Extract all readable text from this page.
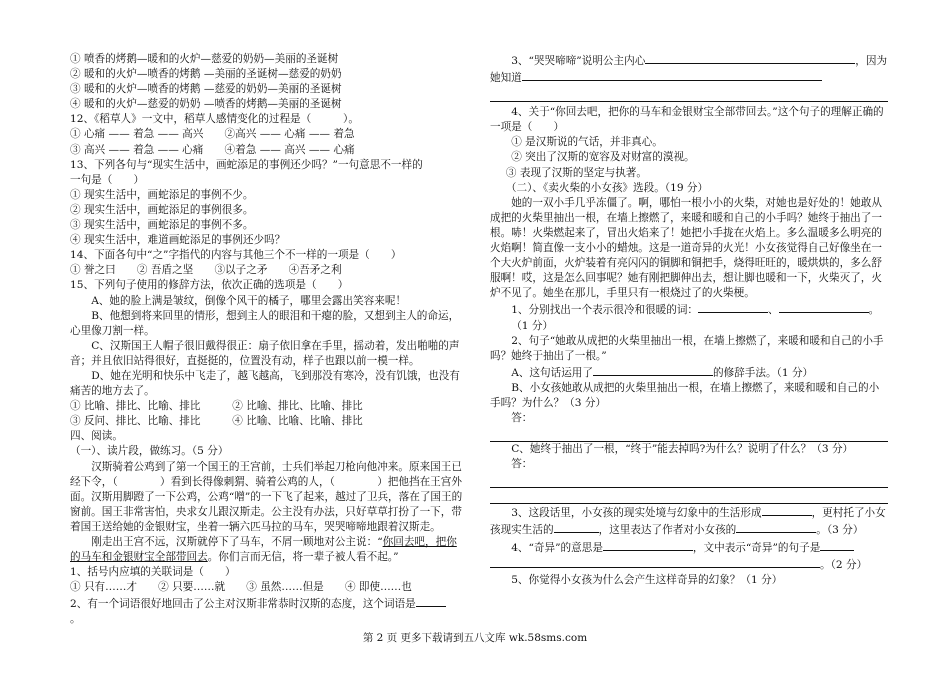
① 喷香的烤鹅—暖和的火炉—慈爱的奶奶—美丽的圣诞树
② 暖和的火炉—喷香的烤鹅 —美丽的圣诞树—慈爱的奶奶
③ 暖和的火炉—喷香的烤鹅 —慈爱的奶奶—美丽的圣诞树
④ 暖和的火炉—慈爱的奶奶 —喷香的烤鹅—美丽的圣诞树
12、《稻草人》一文中，稻草人感情变化的过程是（　　　）。
① 心痛 —— 着急 —— 高兴　　②高兴 —— 心痛 —— 着急
③ 高兴 —— 着急 —— 心痛　　④着急 —— 高兴 —— 心痛
13、下列各句与“现实生活中，画蛇添足的事例还少吗？”一句意思不一样的
一句是（　　）
① 现实生活中，画蛇添足的事例不少。
② 现实生活中，画蛇添足的事例很多。
③ 现实生活中，画蛇添足的事例不多。
④ 现实生活中，难道画蛇添足的事例还少吗？
14、下面各句中“之”字指代的内容与其他三个不一样的一项是（　　）
① 誉之曰　　② 吾盾之坚　　③以子之矛　　④吾矛之利
15、下列句子使用的修辞方法，依次正确的选项是（　　）
A、她的脸上满是皱纹，倒像个风干的橘子，哪里会露出笑容来呢！
B、他想到将来回里的情形，想到主人的眼泪和干瘪的脸，又想到主人的命运，心里像刀割一样。
C、汉斯国王人帽子很旧戴得很正：扇子依旧拿在手里，摇动着，发出啪啪的声音；并且依旧站得很好，直挺挺的，位置没有动，样子也跟以前一模一样。
D、她在光明和快乐中飞走了，越飞越高，飞到那没有寒冷，没有饥饿，也没有痛苦的地方去了。
① 比喻、排比、比喻、排比　　　② 比喻、排比、比喻、排比
③ 反问、排比、比喻、排比　　　④ 比喻、比喻、比喻、排比
四、阅读。
（一）、读片段，做练习。（5 分）
汉斯骑着公鸡到了第一个国王的王宫前，士兵们举起刀枪向他冲来。原来国王已经下令，（　　　　）看到长得像刺猬、骑着公鸡的人，（　　　　）把他挡在王宫外面。汉斯用脚蹬了一下公鸡，公鸡“噌”的一下飞了起来，越过了卫兵，落在了国王的窗前。国王非常害怕，央求女儿跟汉斯走。公主没有办法，只好草草打扮了一下，带着国王送给她的金银财宝，坐着一辆六匹马拉的马车，哭哭啼啼地跟着汉斯走。
刚走出王宫不远，汉斯就停下了马车，不屑一顾地对公主说：“你回去吧，把你的马车和金银财宝全部带回去。你们言而无信，将一辈子被人看不起。”
1、括号内应填的关联词是（　　）
① 只有……才　　② 只要……就　　③ 虽然……但是　　④ 即使……也
2、有一个词语很好地回击了公主对汉斯非常恭时汉斯的态度，这个词语是
。
3、“哭哭啼啼”说明公主内心	，因为她知道
4、关于“你回去吧，把你的马车和金银财宝全部带回去。”这个句子的理解正确的一项是（　　）
① 是汉斯说的气话，并非真心。
② 突出了汉斯的宽容及对财富的漠视。
③ 表现了汉斯的坚定与执著。
（二）、《卖火柴的小女孩》选段。（19 分）
她的一双小手几乎冻僵了。啊，哪怕一根小小的火柴，对她也是好处的！她敢从成把的火柴里抽出一根，在墙上擦燃了，来暖和暖和自己的小手吗？她终于抽出了一根。哧！火柴燃起来了，冒出火焰来了！她把小手拢在火焰上。多么温暖多么明亮的火焰啊！简直像一支小小的蜡烛。这是一道奇异的火光！小女孩觉得自己好像坐在一个大火炉前面，火炉装着有亮闪闪的铜脚和铜把手，烧得旺旺的，暖烘烘的，多么舒服啊！哎，这是怎么回事呢？她有刚把脚伸出去，想让脚也暖和一下，火柴灭了，火炉不见了。她坐在那儿，手里只有一根烧过了的火柴梗。
1、分别找出一个表示很冷和很暖的词：	、	。（1 分）
2、句子“她敢从成把的火柴里抽出一根，在墙上擦燃了，来暖和暖和自己的小手吗？她终于抽出了一根。”
A、这句话运用了	的修辞手法。（1 分）
B、小女孩她敢从成把的火柴里抽出一根，在墙上擦燃了，来暖和暖和自己的小手吗？为什么？（3 分）
答：
C、她终于抽出了一根，“终于”能去掉吗?为什么？说明了什么？（3 分）
答：
3、这段话里，小女孩的现实处境与幻象中的生活形成	，更村托了小女孩现实生活的	，这里表达了作者对小女孩的	。（3 分）
4、“奇异”的意思是	，文中表示“奇异”的句子是。（2 分）
5、你觉得小女孩为什么会产生这样奇异的幻象？（1 分）
第 2 页 更多下载请到五八文库 wk.58sms.com
